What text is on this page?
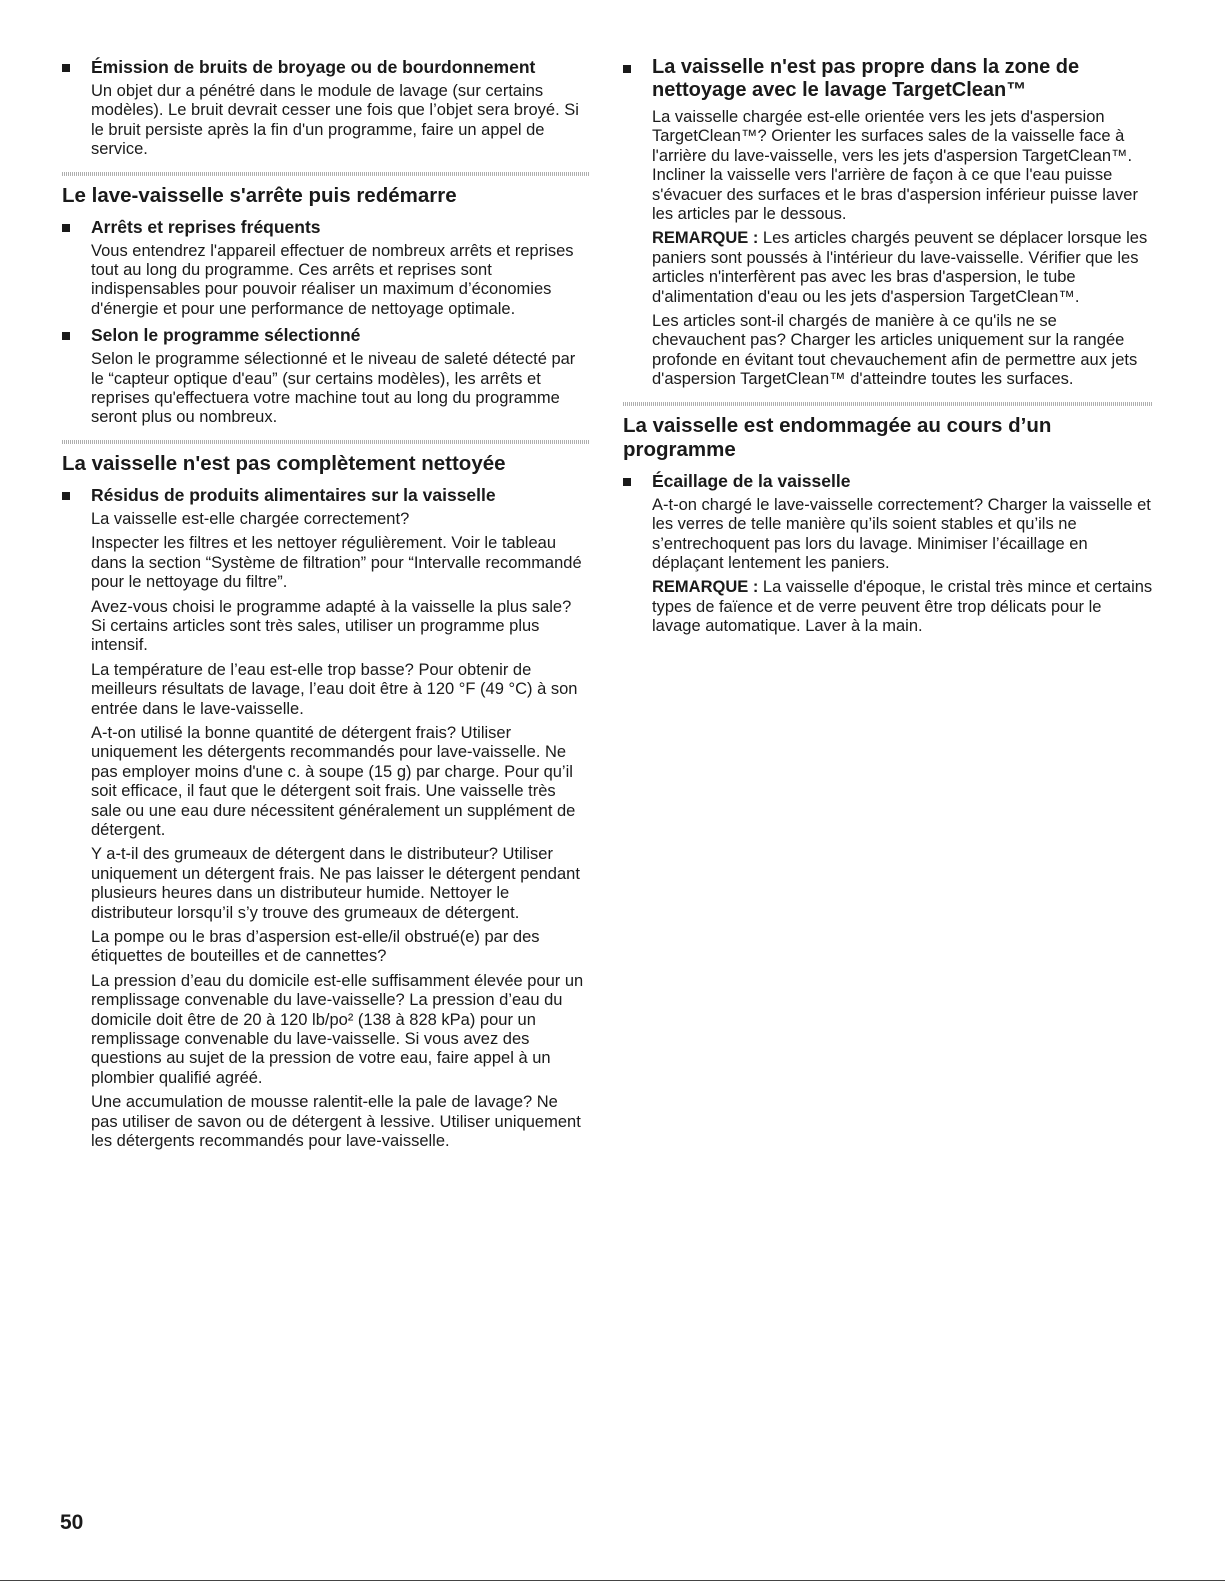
Émission de bruits de broyage ou de bourdonnement

Un objet dur a pénétré dans le module de lavage (sur certains modèles). Le bruit devrait cesser une fois que l’objet sera broyé. Si le bruit persiste après la fin d'un programme, faire un appel de service.

Le lave-vaisselle s'arrête puis redémarre
Arrêts et reprises fréquents

Vous entendrez l'appareil effectuer de nombreux arrêts et reprises tout au long du programme. Ces arrêts et reprises sont indispensables pour pouvoir réaliser un maximum d’économies d'énergie et pour une performance de nettoyage optimale.

Selon le programme sélectionné

Selon le programme sélectionné et le niveau de saleté détecté par le “capteur optique d'eau” (sur certains modèles), les arrêts et reprises qu'effectuera votre machine tout au long du programme seront plus ou nombreux.

La vaisselle n'est pas complètement nettoyée
Résidus de produits alimentaires sur la vaisselle

La vaisselle est-elle chargée correctement?

Inspecter les filtres et les nettoyer régulièrement. Voir le tableau dans la section “Système de filtration” pour “Intervalle recommandé pour le nettoyage du filtre”.

Avez-vous choisi le programme adapté à la vaisselle la plus sale? Si certains articles sont très sales, utiliser un programme plus intensif.

La température de l’eau est-elle trop basse? Pour obtenir de meilleurs résultats de lavage, l’eau doit être à 120 °F (49 °C) à son entrée dans le lave-vaisselle.

A-t-on utilisé la bonne quantité de détergent frais? Utiliser uniquement les détergents recommandés pour lave-vaisselle. Ne pas employer moins d'une c. à soupe (15 g) par charge. Pour qu’il soit efficace, il faut que le détergent soit frais. Une vaisselle très sale ou une eau dure nécessitent généralement un supplément de détergent.

Y a-t-il des grumeaux de détergent dans le distributeur? Utiliser uniquement un détergent frais. Ne pas laisser le détergent pendant plusieurs heures dans un distributeur humide. Nettoyer le distributeur lorsqu’il s’y trouve des grumeaux de détergent.

La pompe ou le bras d’aspersion est-elle/il obstrué(e) par des étiquettes de bouteilles et de cannettes?

La pression d’eau du domicile est-elle suffisamment élevée pour un remplissage convenable du lave-vaisselle? La pression d’eau du domicile doit être de 20 à 120 lb/po² (138 à 828 kPa) pour un remplissage convenable du lave-vaisselle. Si vous avez des questions au sujet de la pression de votre eau, faire appel à un plombier qualifié agréé.

Une accumulation de mousse ralentit-elle la pale de lavage? Ne pas utiliser de savon ou de détergent à lessive. Utiliser uniquement les détergents recommandés pour lave-vaisselle.

La vaisselle n'est pas propre dans la zone de nettoyage avec le lavage TargetClean™

La vaisselle chargée est-elle orientée vers les jets d'aspersion TargetClean™? Orienter les surfaces sales de la vaisselle face à l'arrière du lave-vaisselle, vers les jets d'aspersion TargetClean™. Incliner la vaisselle vers l'arrière de façon à ce que l'eau puisse s'évacuer des surfaces et le bras d'aspersion inférieur puisse laver les articles par le dessous.

REMARQUE : Les articles chargés peuvent se déplacer lorsque les paniers sont poussés à l'intérieur du lave-vaisselle. Vérifier que les articles n'interfèrent pas avec les bras d'aspersion, le tube d'alimentation d'eau ou les jets d'aspersion TargetClean™.

Les articles sont-il chargés de manière à ce qu'ils ne se chevauchent pas? Charger les articles uniquement sur la rangée profonde en évitant tout chevauchement afin de permettre aux jets d'aspersion TargetClean™ d'atteindre toutes les surfaces.

La vaisselle est endommagée au cours d’un programme
Écaillage de la vaisselle

A-t-on chargé le lave-vaisselle correctement? Charger la vaisselle et les verres de telle manière qu’ils soient stables et qu’ils ne s’entrechoquent pas lors du lavage. Minimiser l’écaillage en déplaçant lentement les paniers.

REMARQUE : La vaisselle d'époque, le cristal très mince et certains types de faïence et de verre peuvent être trop délicats pour le lavage automatique. Laver à la main.

50
